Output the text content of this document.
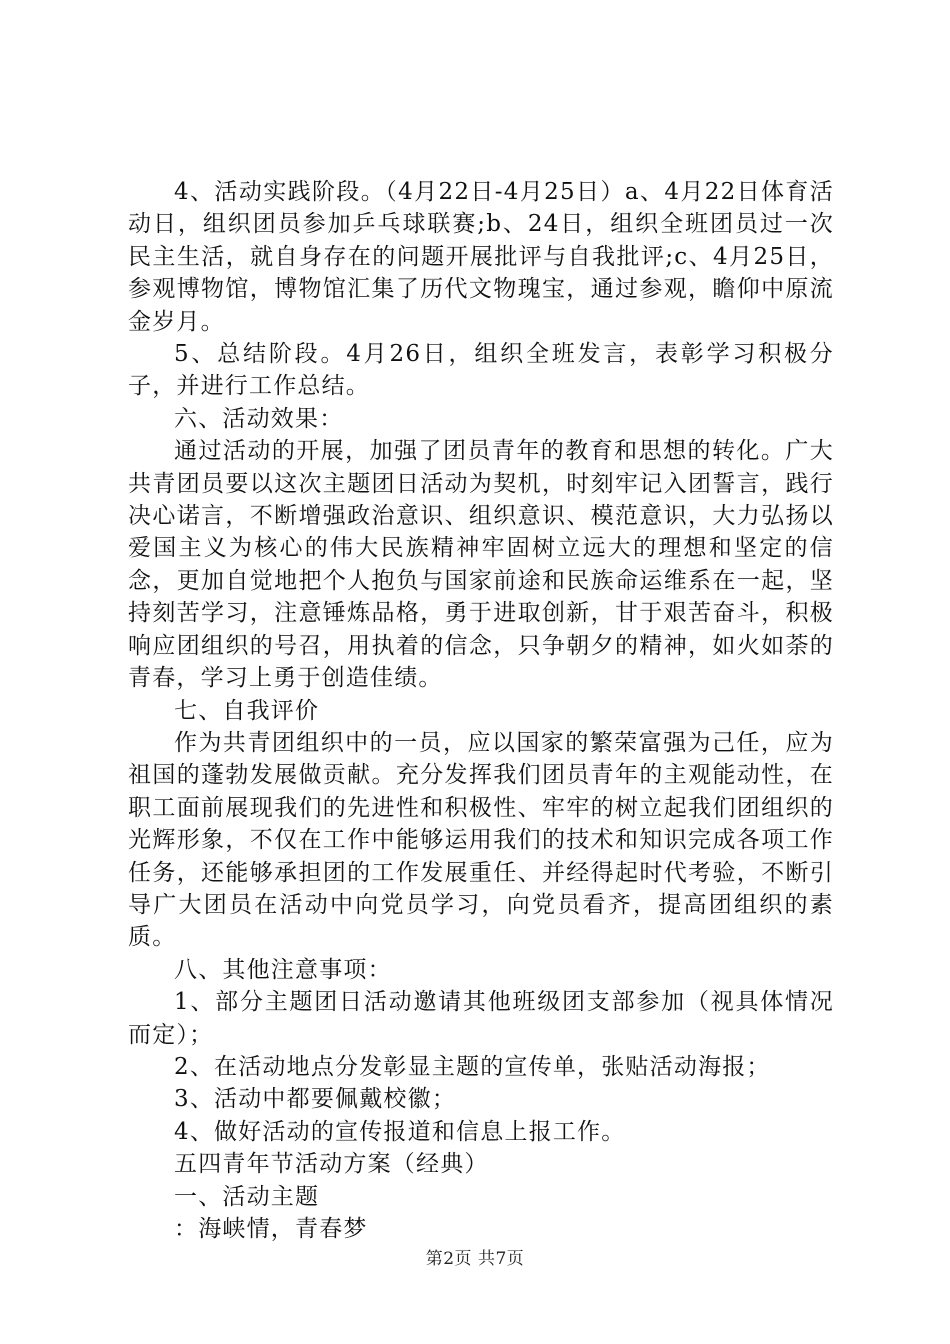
4、活动实践阶段。（4月22日-4月25日）a、4月22日体育活动日，组织团员参加乒乓球联赛;b、24日，组织全班团员过一次民主生活，就自身存在的问题开展批评与自我批评;c、4月25日，参观博物馆，博物馆汇集了历代文物瑰宝，通过参观，瞻仰中原流金岁月。

5、总结阶段。4月26日，组织全班发言，表彰学习积极分子，并进行工作总结。

六、活动效果：

通过活动的开展，加强了团员青年的教育和思想的转化。广大共青团员要以这次主题团日活动为契机，时刻牢记入团誓言，践行决心诺言，不断增强政治意识、组织意识、模范意识，大力弘扬以爱国主义为核心的伟大民族精神牢固树立远大的理想和坚定的信念，更加自觉地把个人抱负与国家前途和民族命运维系在一起，坚持刻苦学习，注意锤炼品格，勇于进取创新，甘于艰苦奋斗，积极响应团组织的号召，用执着的信念，只争朝夕的精神，如火如荼的青春，学习上勇于创造佳绩。

七、自我评价

作为共青团组织中的一员，应以国家的繁荣富强为己任，应为祖国的蓬勃发展做贡献。充分发挥我们团员青年的主观能动性，在职工面前展现我们的先进性和积极性、牢牢的树立起我们团组织的光辉形象，不仅在工作中能够运用我们的技术和知识完成各项工作任务，还能够承担团的工作发展重任、并经得起时代考验，不断引导广大团员在活动中向党员学习，向党员看齐，提高团组织的素质。

八、其他注意事项：

1、部分主题团日活动邀请其他班级团支部参加（视具体情况而定）；

2、在活动地点分发彰显主题的宣传单，张贴活动海报；

3、活动中都要佩戴校徽；

4、做好活动的宣传报道和信息上报工作。

五四青年节活动方案（经典）

一、活动主题

：海峡情，青春梦

第2页 共7页
